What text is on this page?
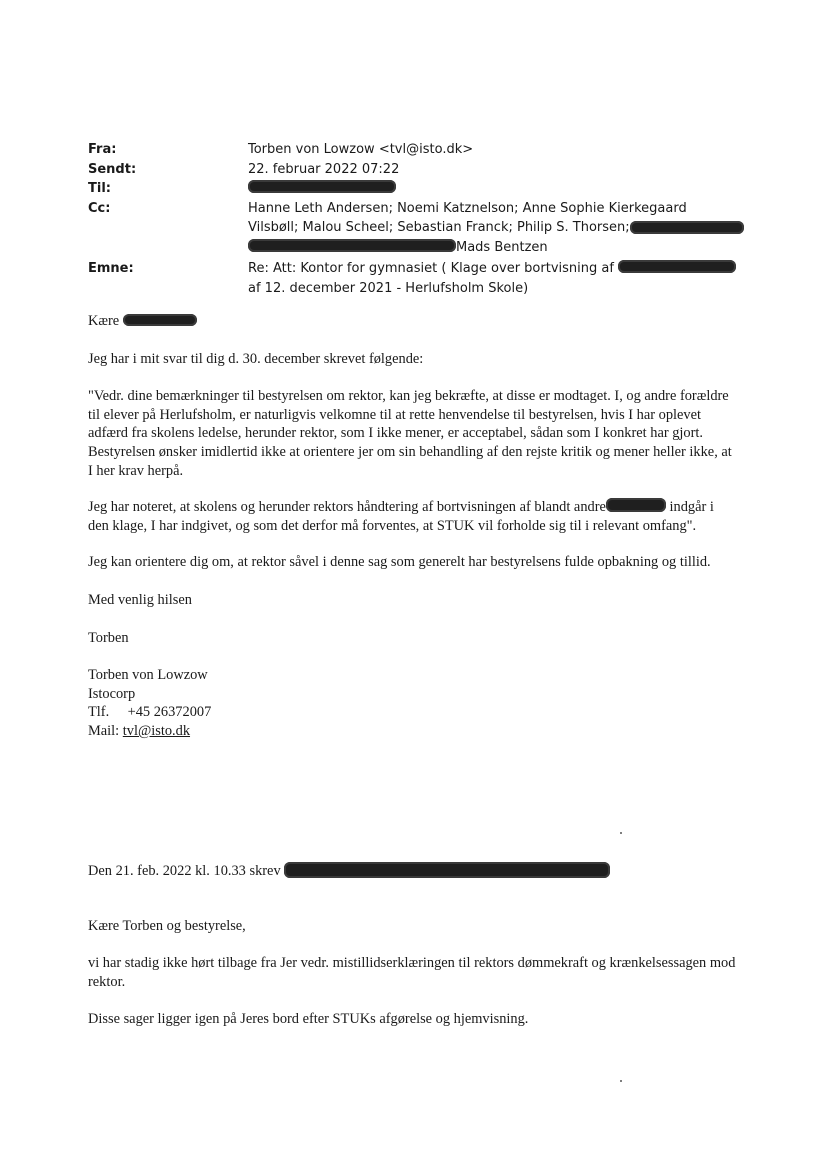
Fra:	Torben von Lowzow <tvl@isto.dk>
Sendt:	22. februar 2022 07:22
Til:
Cc:	Hanne Leth Andersen; Noemi Katznelson; Anne Sophie Kierkegaard
Vilsbøll; Malou Scheel; Sebastian Franck; Philip S. Thorsen;
Mads Bentzen
Emne:	Re: Att: Kontor for gymnasiet ( Klage over bortvisning af
af 12. december 2021 - Herlufsholm Skole)

Kære

Jeg har i mit svar til dig d. 30. december skrevet følgende:

"Vedr. dine bemærkninger til bestyrelsen om rektor, kan jeg bekræfte, at disse er modtaget. I, og andre forældre til elever på Herlufsholm, er naturligvis velkomne til at rette henvendelse til bestyrelsen, hvis I har oplevet adfærd fra skolens ledelse, herunder rektor, som I ikke mener, er acceptabel, sådan som I konkret har gjort. Bestyrelsen ønsker imidlertid ikke at orientere jer om sin behandling af den rejste kritik og mener heller ikke, at I her krav herpå.

Jeg har noteret, at skolens og herunder rektors håndtering af bortvisningen af blandt andre	indgår i den klage, I har indgivet, og som det derfor må forventes, at STUK vil forholde sig til i relevant omfang".

Jeg kan orientere dig om, at rektor såvel i denne sag som generelt har bestyrelsens fulde opbakning og tillid.

Med venlig hilsen

Torben

Torben von Lowzow
Istocorp
Tlf. +45 26372007
Mail: tvl@isto.dk

Den 21. feb. 2022 kl. 10.33 skrev

Kære Torben og bestyrelse,

vi har stadig ikke hørt tilbage fra Jer vedr. mistillidserklæringen til rektors dømmekraft og krænkelsessagen mod rektor.

Disse sager ligger igen på Jeres bord efter STUKs afgørelse og hjemvisning.
